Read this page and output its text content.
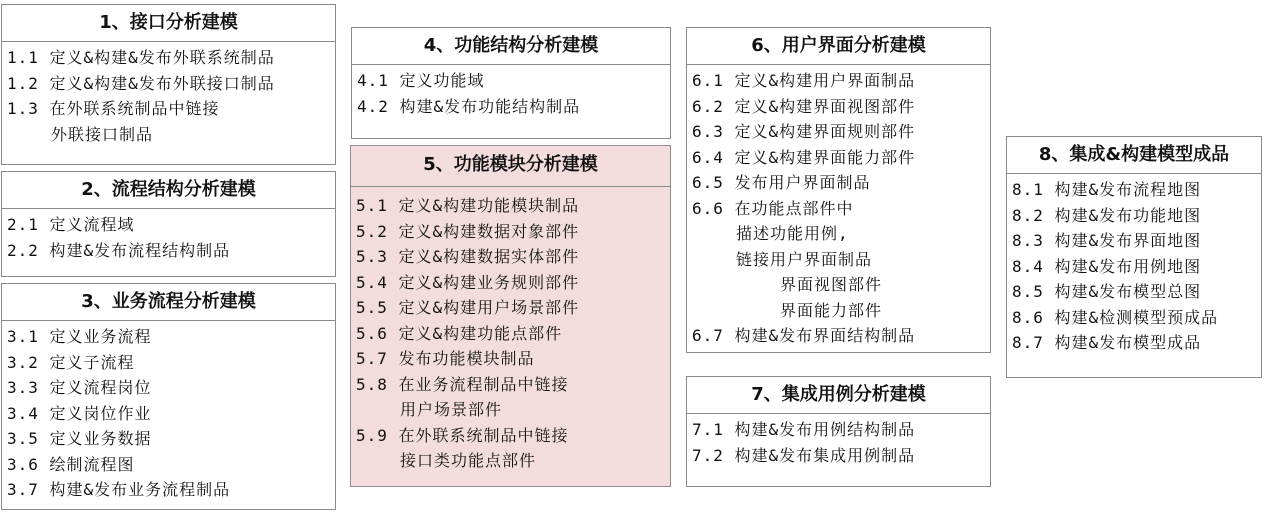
1、接口分析建模
1.1 定义&构建&发布外联系统制品
1.2 定义&构建&发布外联接口制品
1.3 在外联系统制品中链接
外联接口制品
2、流程结构分析建模
2.1 定义流程域
2.2 构建&发布流程结构制品
3、业务流程分析建模
3.1 定义业务流程
3.2 定义子流程
3.3 定义流程岗位
3.4 定义岗位作业
3.5 定义业务数据
3.6 绘制流程图
3.7 构建&发布业务流程制品
4、功能结构分析建模
4.1 定义功能域
4.2 构建&发布功能结构制品
5、功能模块分析建模
5.1 定义&构建功能模块制品
5.2 定义&构建数据对象部件
5.3 定义&构建数据实体部件
5.4 定义&构建业务规则部件
5.5 定义&构建用户场景部件
5.6 定义&构建功能点部件
5.7 发布功能模块制品
5.8 在业务流程制品中链接
用户场景部件
5.9 在外联系统制品中链接
接口类功能点部件
6、用户界面分析建模
6.1 定义&构建用户界面制品
6.2 定义&构建界面视图部件
6.3 定义&构建界面规则部件
6.4 定义&构建界面能力部件
6.5 发布用户界面制品
6.6 在功能点部件中
描述功能用例,
链接用户界面制品
界面视图部件
界面能力部件
6.7 构建&发布界面结构制品
7、集成用例分析建模
7.1 构建&发布用例结构制品
7.2 构建&发布集成用例制品
8、集成&构建模型成品
8.1 构建&发布流程地图
8.2 构建&发布功能地图
8.3 构建&发布界面地图
8.4 构建&发布用例地图
8.5 构建&发布模型总图
8.6 构建&检测模型预成品
8.7 构建&发布模型成品
